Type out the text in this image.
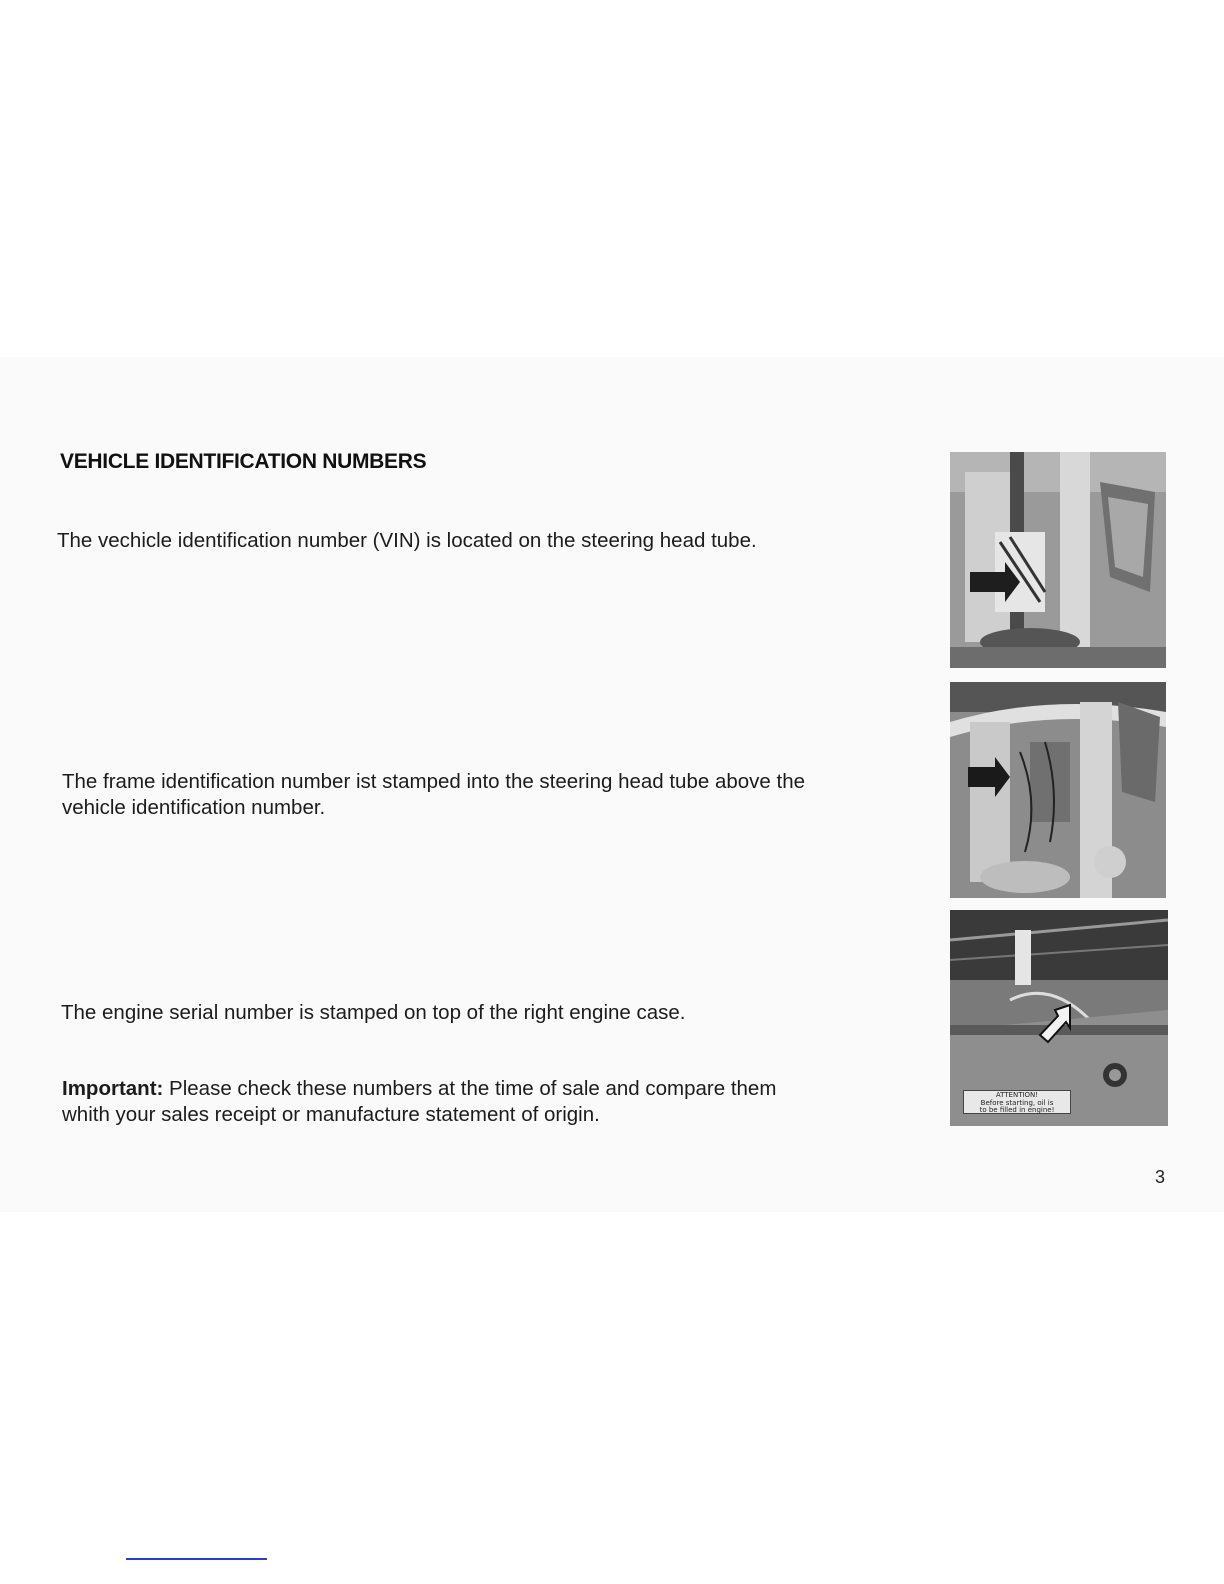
VEHICLE IDENTIFICATION NUMBERS
The vechicle identification number (VIN) is located on the steering head tube.
The frame identification number ist stamped into the steering head tube above the vehicle identification number.
The engine serial number is stamped on top of the right engine case.
Important: Please check these numbers at the time of sale and compare them whith your sales receipt or manufacture statement of origin.
ATTENTION!
Before starting, oil is
to be filled in engine!
3
